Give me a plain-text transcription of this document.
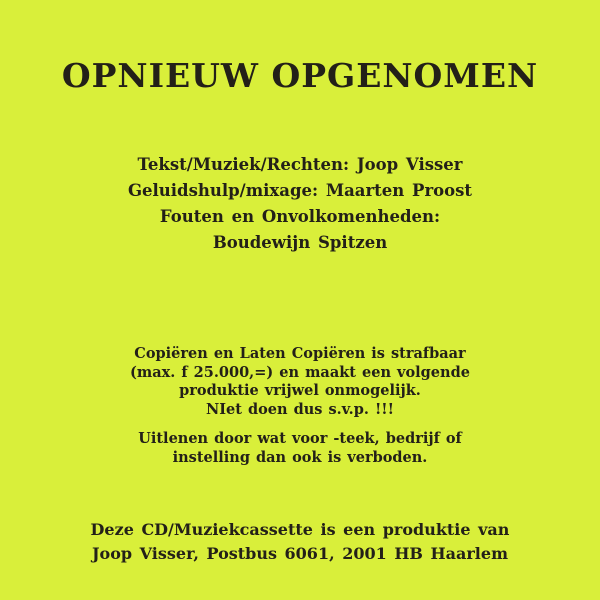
OPNIEUW OPGENOMEN
Tekst/Muziek/Rechten: Joop Visser
Geluidshulp/mixage: Maarten Proost
Fouten en Onvolkomenheden:
Boudewijn Spitzen
Copiëren en Laten Copiëren is strafbaar
(max. f 25.000,=) en maakt een volgende
produktie vrijwel onmogelijk.
NIet doen dus s.v.p. !!!
Uitlenen door wat voor -teek, bedrijf of
instelling dan ook is verboden.
Deze CD/Muziekcassette is een produktie van
Joop Visser, Postbus 6061, 2001 HB Haarlem
